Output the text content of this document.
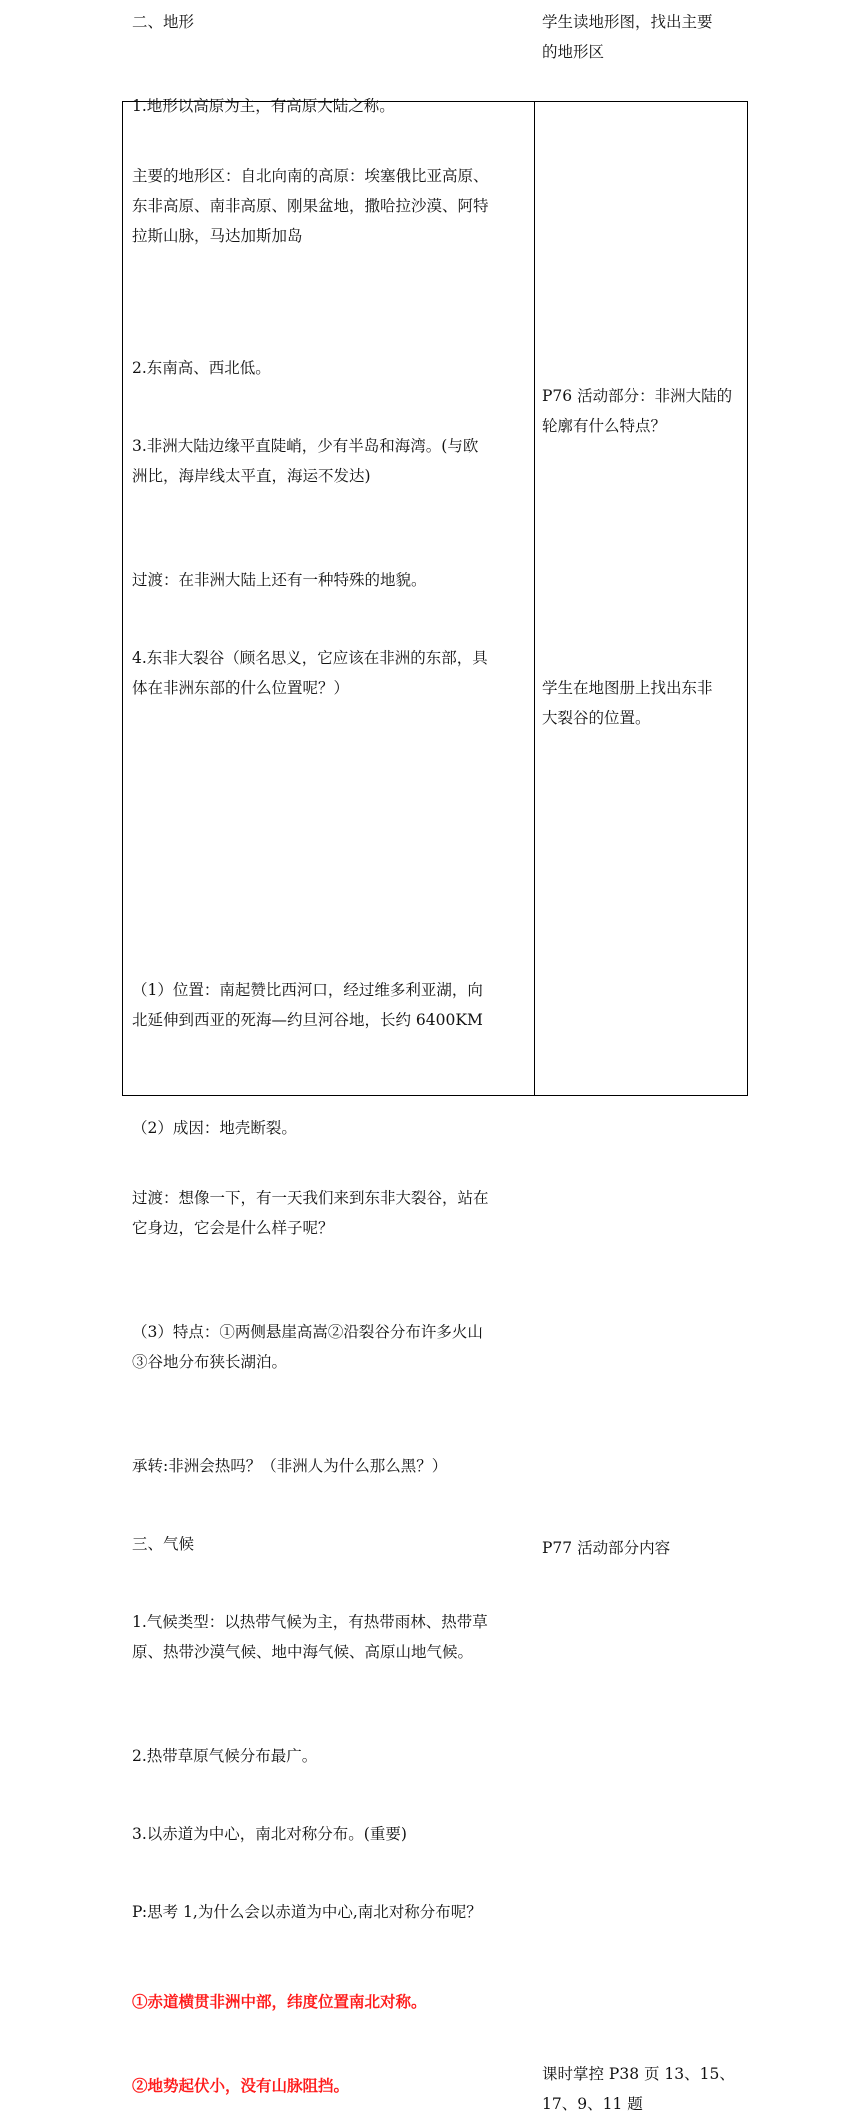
二、地形
1.地形以高原为主，有高原大陆之称。
主要的地形区：自北向南的高原：埃塞俄比亚高原、
东非高原、南非高原、刚果盆地，撒哈拉沙漠、阿特
拉斯山脉，马达加斯加岛
2.东南高、西北低。
3.非洲大陆边缘平直陡峭，少有半岛和海湾。(与欧
洲比，海岸线太平直，海运不发达)
过渡：在非洲大陆上还有一种特殊的地貌。
4.东非大裂谷（顾名思义，它应该在非洲的东部，具
体在非洲东部的什么位置呢？）
（1）位置：南起赞比西河口，经过维多利亚湖，向
北延伸到西亚的死海—约旦河谷地，长约 6400KM
（2）成因：地壳断裂。
过渡：想像一下，有一天我们来到东非大裂谷，站在
它身边，它会是什么样子呢？
（3）特点：①两侧悬崖高嵩②沿裂谷分布许多火山
③谷地分布狭长湖泊。
承转:非洲会热吗？（非洲人为什么那么黑？）
三、气候
1.气候类型：以热带气候为主，有热带雨林、热带草
原、热带沙漠气候、地中海气候、高原山地气候。
2.热带草原气候分布最广。
3.以赤道为中心，南北对称分布。(重要)
P:思考 1,为什么会以赤道为中心,南北对称分布呢？
①赤道横贯非洲中部，纬度位置南北对称。
②地势起伏小，没有山脉阻挡。
学生读地形图，找出主要
的地形区
P76 活动部分：非洲大陆的
轮廓有什么特点？
学生在地图册上找出东非
大裂谷的位置。
P77 活动部分内容
课时掌控 P38 页 13、15、
17、9、11 题
